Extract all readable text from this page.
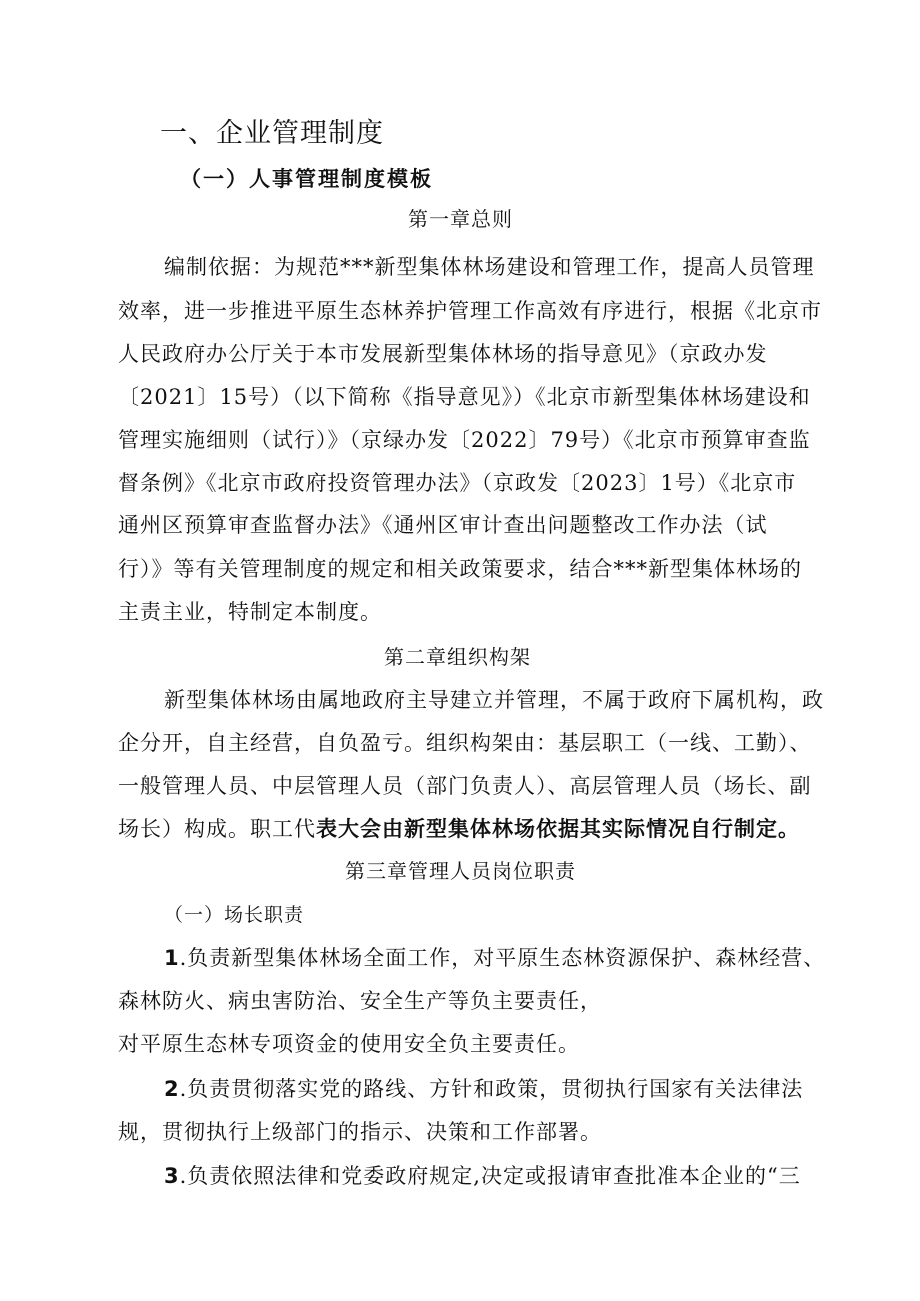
一、企业管理制度
（一）人事管理制度模板
第一章总则
编制依据：为规范***新型集体林场建设和管理工作，提高人员管理
效率，进一步推进平原生态林养护管理工作高效有序进行，根据《北京市
人民政府办公厅关于本市发展新型集体林场的指导意见》（京政办发
〔2021〕15号）（以下简称《指导意见》）《北京市新型集体林场建设和
管理实施细则（试行）》（京绿办发〔2022〕79号）《北京市预算审查监
督条例》《北京市政府投资管理办法》（京政发〔2023〕1号）《北京市
通州区预算审查监督办法》《通州区审计查出问题整改工作办法（试
行）》等有关管理制度的规定和相关政策要求，结合***新型集体林场的
主责主业，特制定本制度。
第二章组织构架
新型集体林场由属地政府主导建立并管理，不属于政府下属机构，政
企分开，自主经营，自负盈亏。组织构架由：基层职工（一线、工勤）、
一般管理人员、中层管理人员（部门负责人）、高层管理人员（场长、副
场长）构成。职工代表大会由新型集体林场依据其实际情况自行制定。
第三章管理人员岗位职责
（一）场长职责
1.负责新型集体林场全面工作，对平原生态林资源保护、森林经营、
森林防火、病虫害防治、安全生产等负主要责任，
对平原生态林专项资金的使用安全负主要责任。
2.负责贯彻落实党的路线、方针和政策，贯彻执行国家有关法律法
规，贯彻执行上级部门的指示、决策和工作部署。
3.负责依照法律和党委政府规定,决定或报请审查批准本企业的“三
